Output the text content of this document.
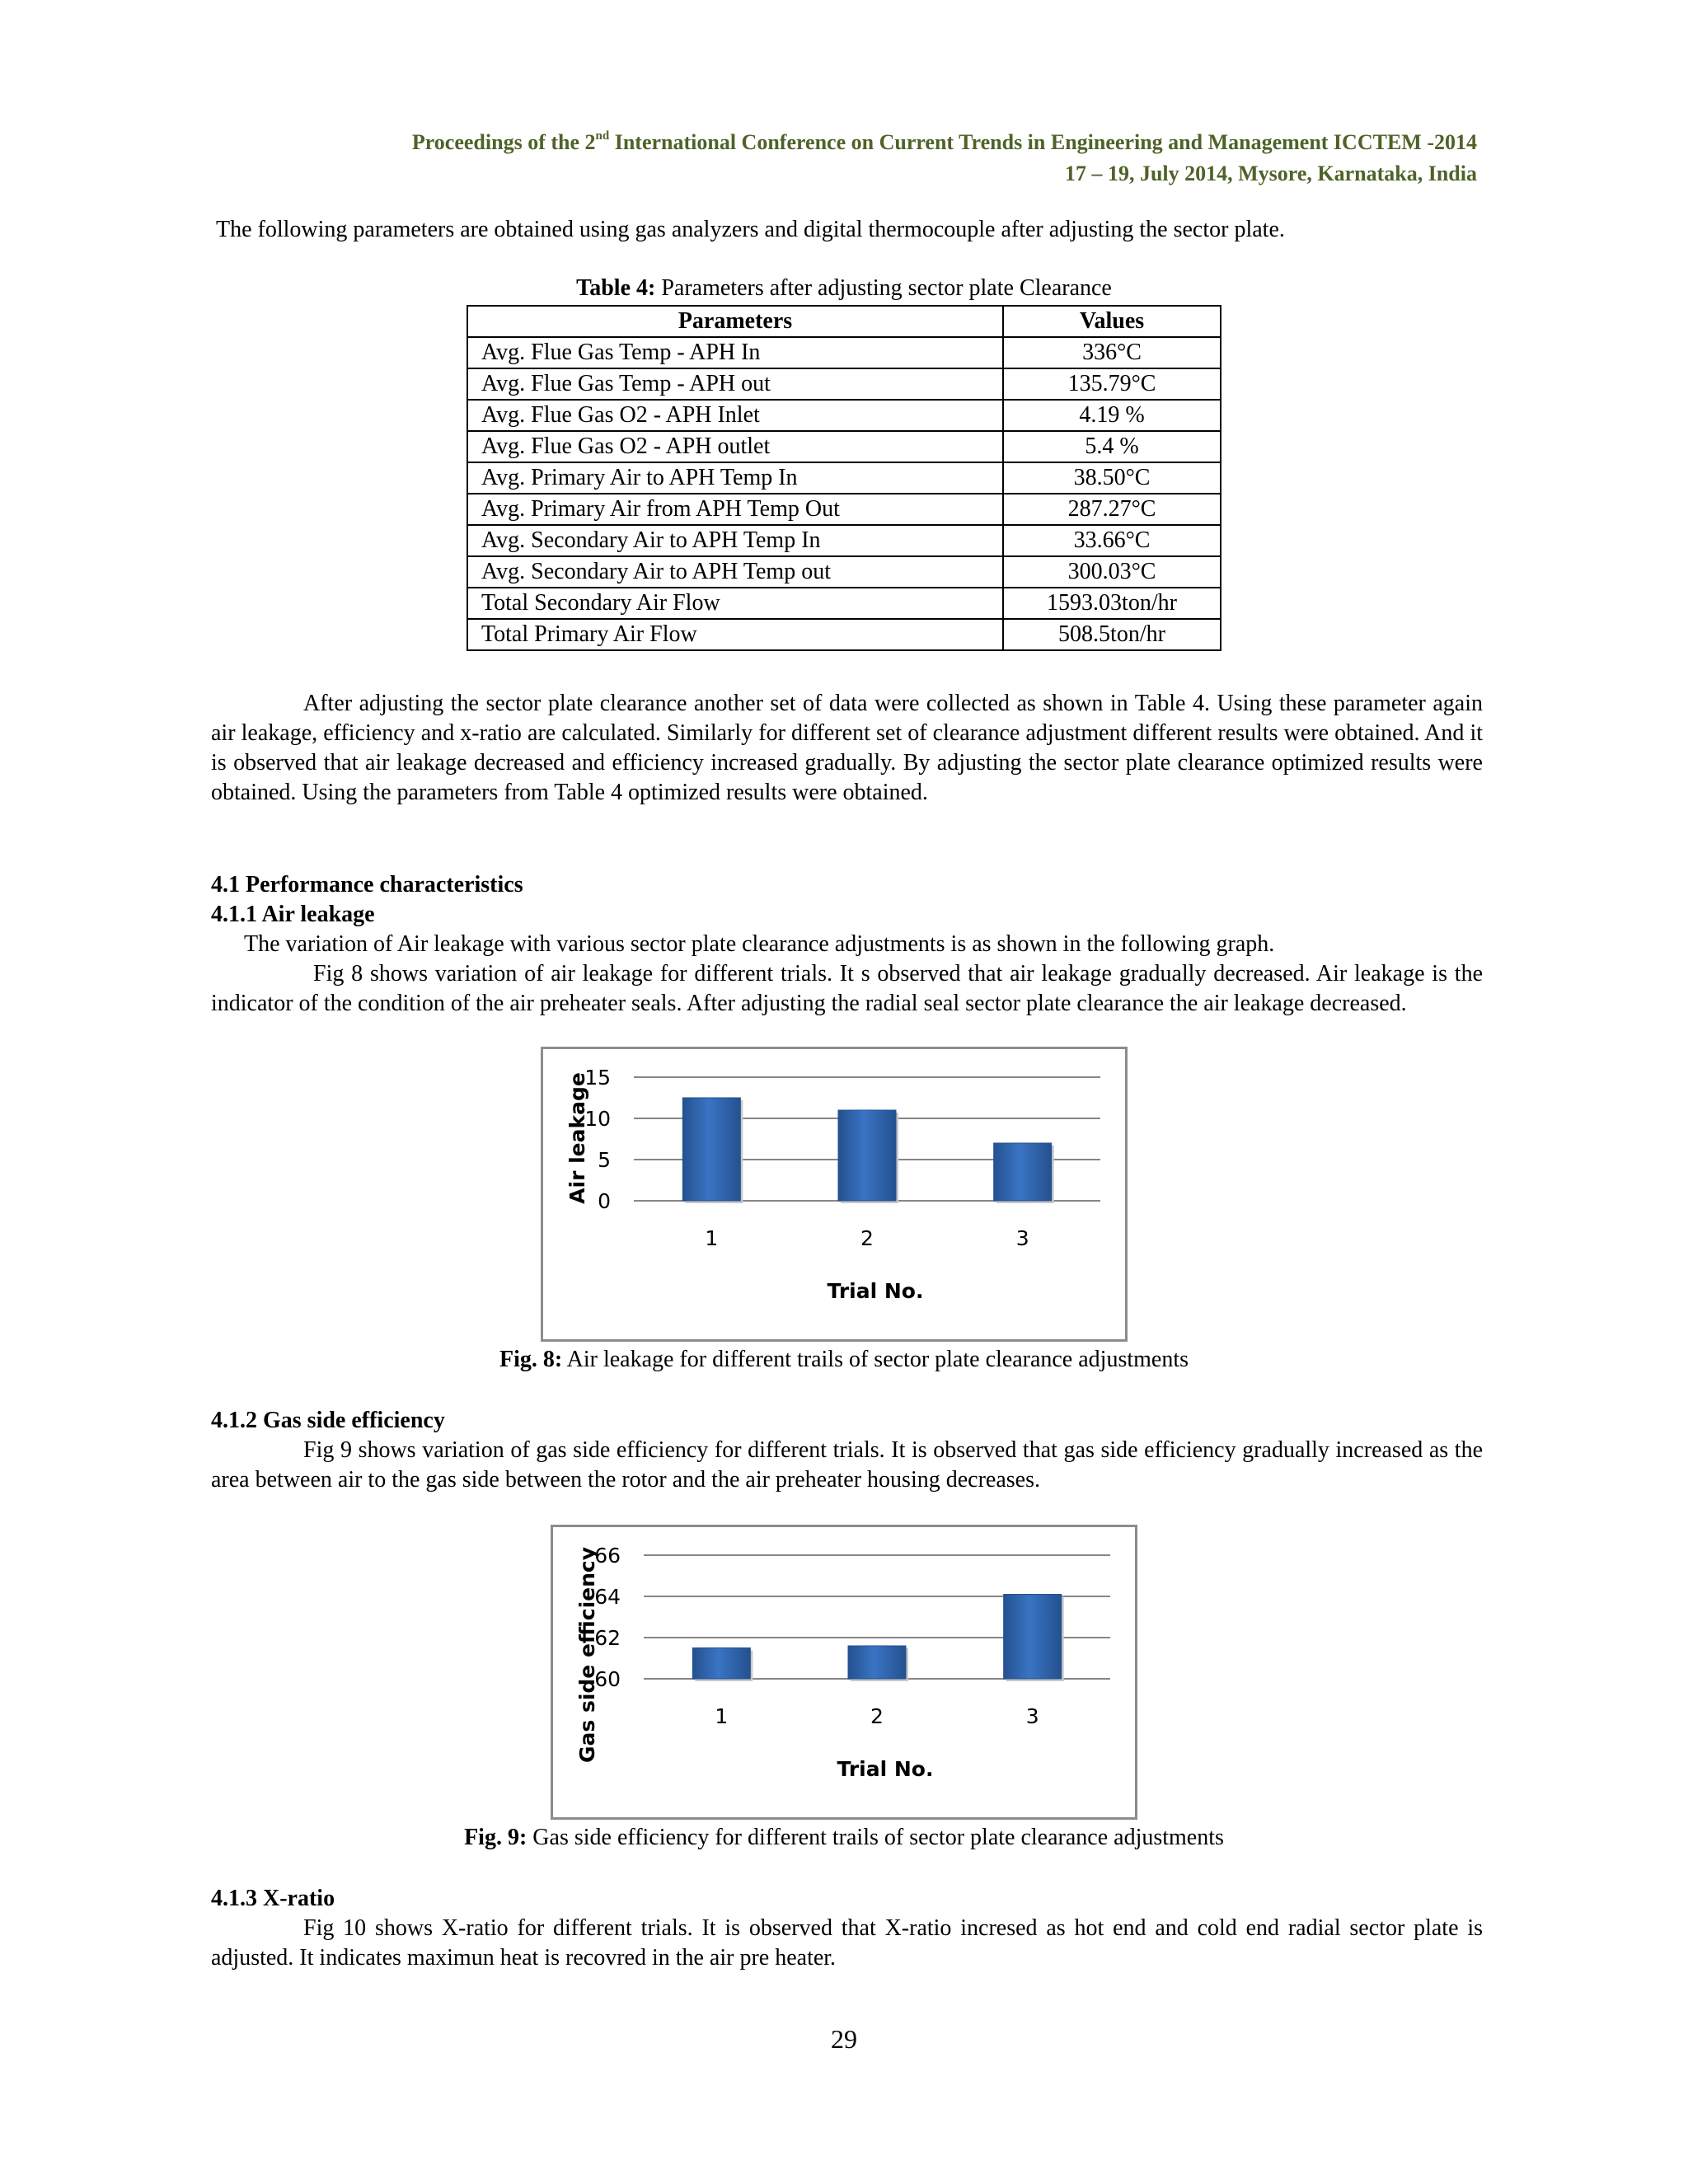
Proceedings of the 2nd International Conference on Current Trends in Engineering and Management ICCTEM -2014
17 – 19, July 2014, Mysore, Karnataka, India
The following parameters are obtained using gas analyzers and digital thermocouple after adjusting the sector plate.
Table 4: Parameters after adjusting sector plate Clearance
Parameters	Values
Avg. Flue Gas Temp - APH In	336°C
Avg. Flue Gas Temp - APH out	135.79°C
Avg. Flue Gas O2 - APH Inlet	4.19 %
Avg. Flue Gas O2 - APH outlet	5.4 %
Avg. Primary Air to APH Temp In	38.50°C
Avg. Primary Air from APH Temp Out	287.27°C
Avg. Secondary Air to APH Temp In	33.66°C
Avg. Secondary Air to APH Temp out	300.03°C
Total Secondary Air Flow	1593.03ton/hr
Total Primary Air Flow	508.5ton/hr
After adjusting the sector plate clearance another set of data were collected as shown in Table 4. Using these parameter again air leakage, efficiency and x-ratio are calculated. Similarly for different set of clearance adjustment different results were obtained. And it is observed that air leakage decreased and efficiency increased gradually. By adjusting the sector plate clearance optimized results were obtained. Using the parameters from Table 4 optimized results were obtained.
4.1 Performance characteristics
4.1.1 Air leakage
The variation of Air leakage with various sector plate clearance adjustments is as shown in the following graph.
Fig 8 shows variation of air leakage for different trials. It s observed that air leakage gradually decreased. Air leakage is the indicator of the condition of the air preheater seals. After adjusting the radial seal sector plate clearance the air leakage decreased.
0
5
10
15
1	2	3
Trial No.
Air leakage
Fig. 8: Air leakage for different trails of sector plate clearance adjustments
4.1.2 Gas side efficiency
Fig 9 shows variation of gas side efficiency for different trials. It is observed that gas side efficiency gradually increased as the area between air to the gas side between the rotor and the air preheater housing decreases.
60
62
64
66
1	2	3
Trial No.
Gas side efficiency
Fig. 9: Gas side efficiency for different trails of sector plate clearance adjustments
4.1.3 X-ratio
Fig 10 shows X-ratio for different trials. It is observed that X-ratio incresed as hot end and cold end radial sector plate is adjusted. It indicates maximun heat is recovred in the air pre heater.
29
